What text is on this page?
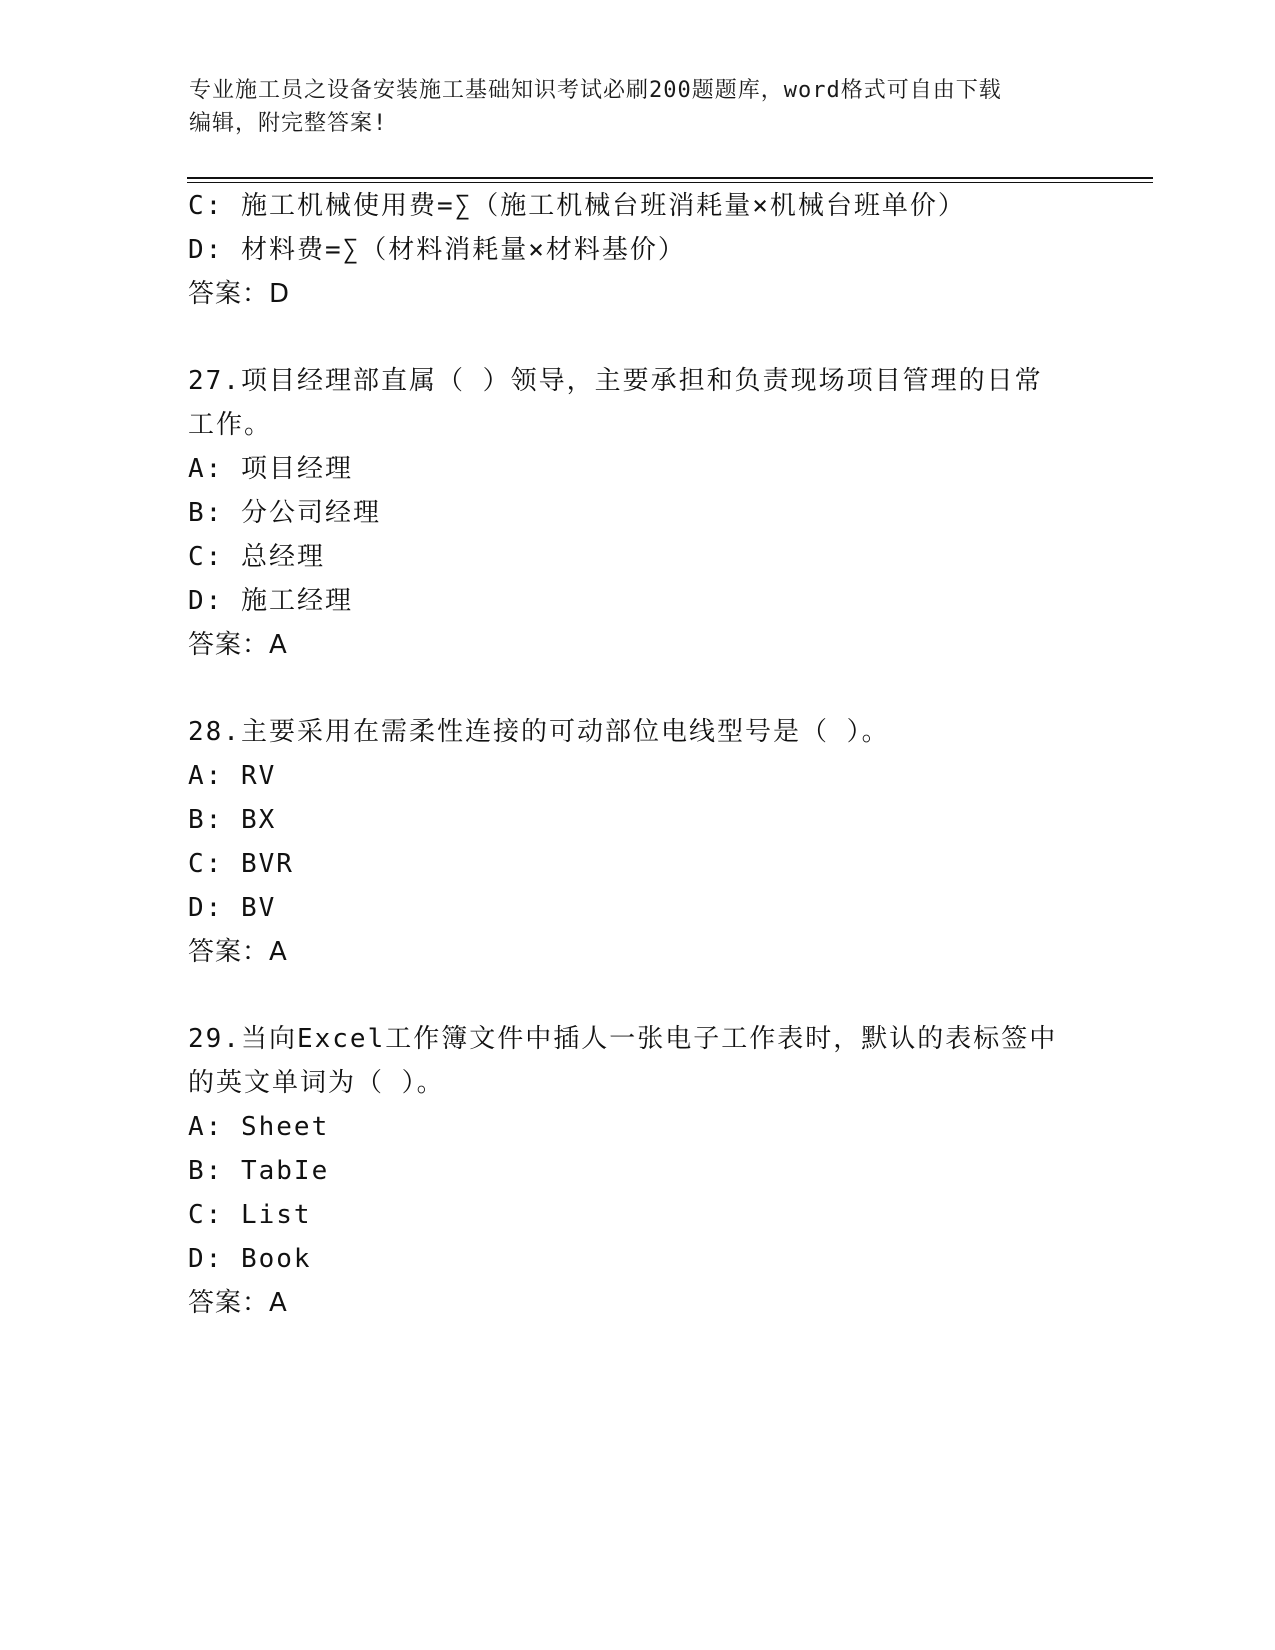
专业施工员之设备安装施工基础知识考试必刷200题题库，word格式可自由下载
编辑，附完整答案!
C: 施工机械使用费=∑（施工机械台班消耗量×机械台班单价）
D: 材料费=∑（材料消耗量×材料基价）
答案：D
27.项目经理部直属（ ）领导，主要承担和负责现场项目管理的日常
工作。
A: 项目经理
B: 分公司经理
C: 总经理
D: 施工经理
答案：A
28.主要采用在需柔性连接的可动部位电线型号是（ ）。
A: RV
B: BX
C: BVR
D: BV
答案：A
29.当向Excel工作簿文件中插人一张电子工作表时，默认的表标签中
的英文单词为（ ）。
A: Sheet
B: TabIe
C: List
D: Book
答案：A
